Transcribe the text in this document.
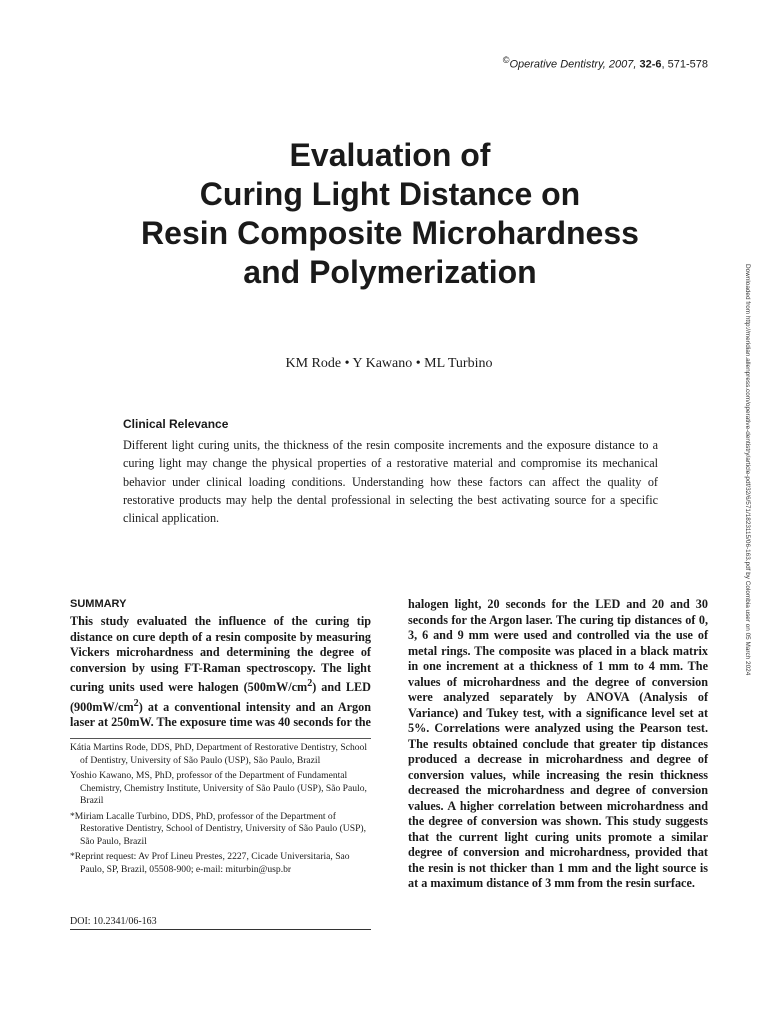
©Operative Dentistry, 2007, 32-6, 571-578
Evaluation of
Curing Light Distance on
Resin Composite Microhardness
and Polymerization
KM Rode • Y Kawano • ML Turbino
Clinical Relevance

Different light curing units, the thickness of the resin composite increments and the exposure distance to a curing light may change the physical properties of a restorative material and compromise its mechanical behavior under clinical loading conditions. Understanding how these factors can affect the quality of restorative products may help the dental professional in selecting the best activating source for a specific clinical application.

SUMMARY

This study evaluated the influence of the curing tip distance on cure depth of a resin composite by measuring Vickers microhardness and determining the degree of conversion by using FT-Raman spectroscopy. The light curing units used were halogen $(500mW/cm^2)$ and LED $(900mW/cm^2)$ at a conventional intensity and an Argon laser at 250mW. The exposure time was 40 seconds for the

halogen light, 20 seconds for the LED and 20 and 30 seconds for the Argon laser. The curing tip distances of 0, 3, 6 and 9 mm were used and controlled via the use of metal rings. The composite was placed in a black matrix in one increment at a thickness of 1 mm to 4 mm. The values of microhardness and the degree of conversion were analyzed separately by ANOVA (Analysis of Variance) and Tukey test, with a significance level set at 5%. Correlations were analyzed using the Pearson test. The results obtained conclude that greater tip distances produced a decrease in microhardness and degree of conversion values, while increasing the resin thickness decreased the microhardness and degree of conversion values. A higher correlation between microhardness and the degree of conversion was shown. This study suggests that the current light curing units promote a similar degree of conversion and microhardness, provided that the resin is not thicker than 1 mm and the light source is at a maximum distance of 3 mm from the resin surface.

Kátia Martins Rode, DDS, PhD, Department of Restorative Dentistry, School of Dentistry, University of São Paulo (USP), São Paulo, Brazil

Yoshio Kawano, MS, PhD, professor of the Department of Fundamental Chemistry, Chemistry Institute, University of São Paulo (USP), São Paulo, Brazil

*Miriam Lacalle Turbino, DDS, PhD, professor of the Department of Restorative Dentistry, School of Dentistry, University of São Paulo (USP), São Paulo, Brazil

*Reprint request: Av Prof Lineu Prestes, 2227, Cicade Universitaria, Sao Paulo, SP, Brazil, 05508-900; e-mail: miturbin@usp.br

DOI: 10.2341/06-163
Downloaded from http://meridian.allenpress.com/operative-dentistry/article-pdf/32/6/571/1823115/06-163.pdf by Colombia user on 05 March 2024
